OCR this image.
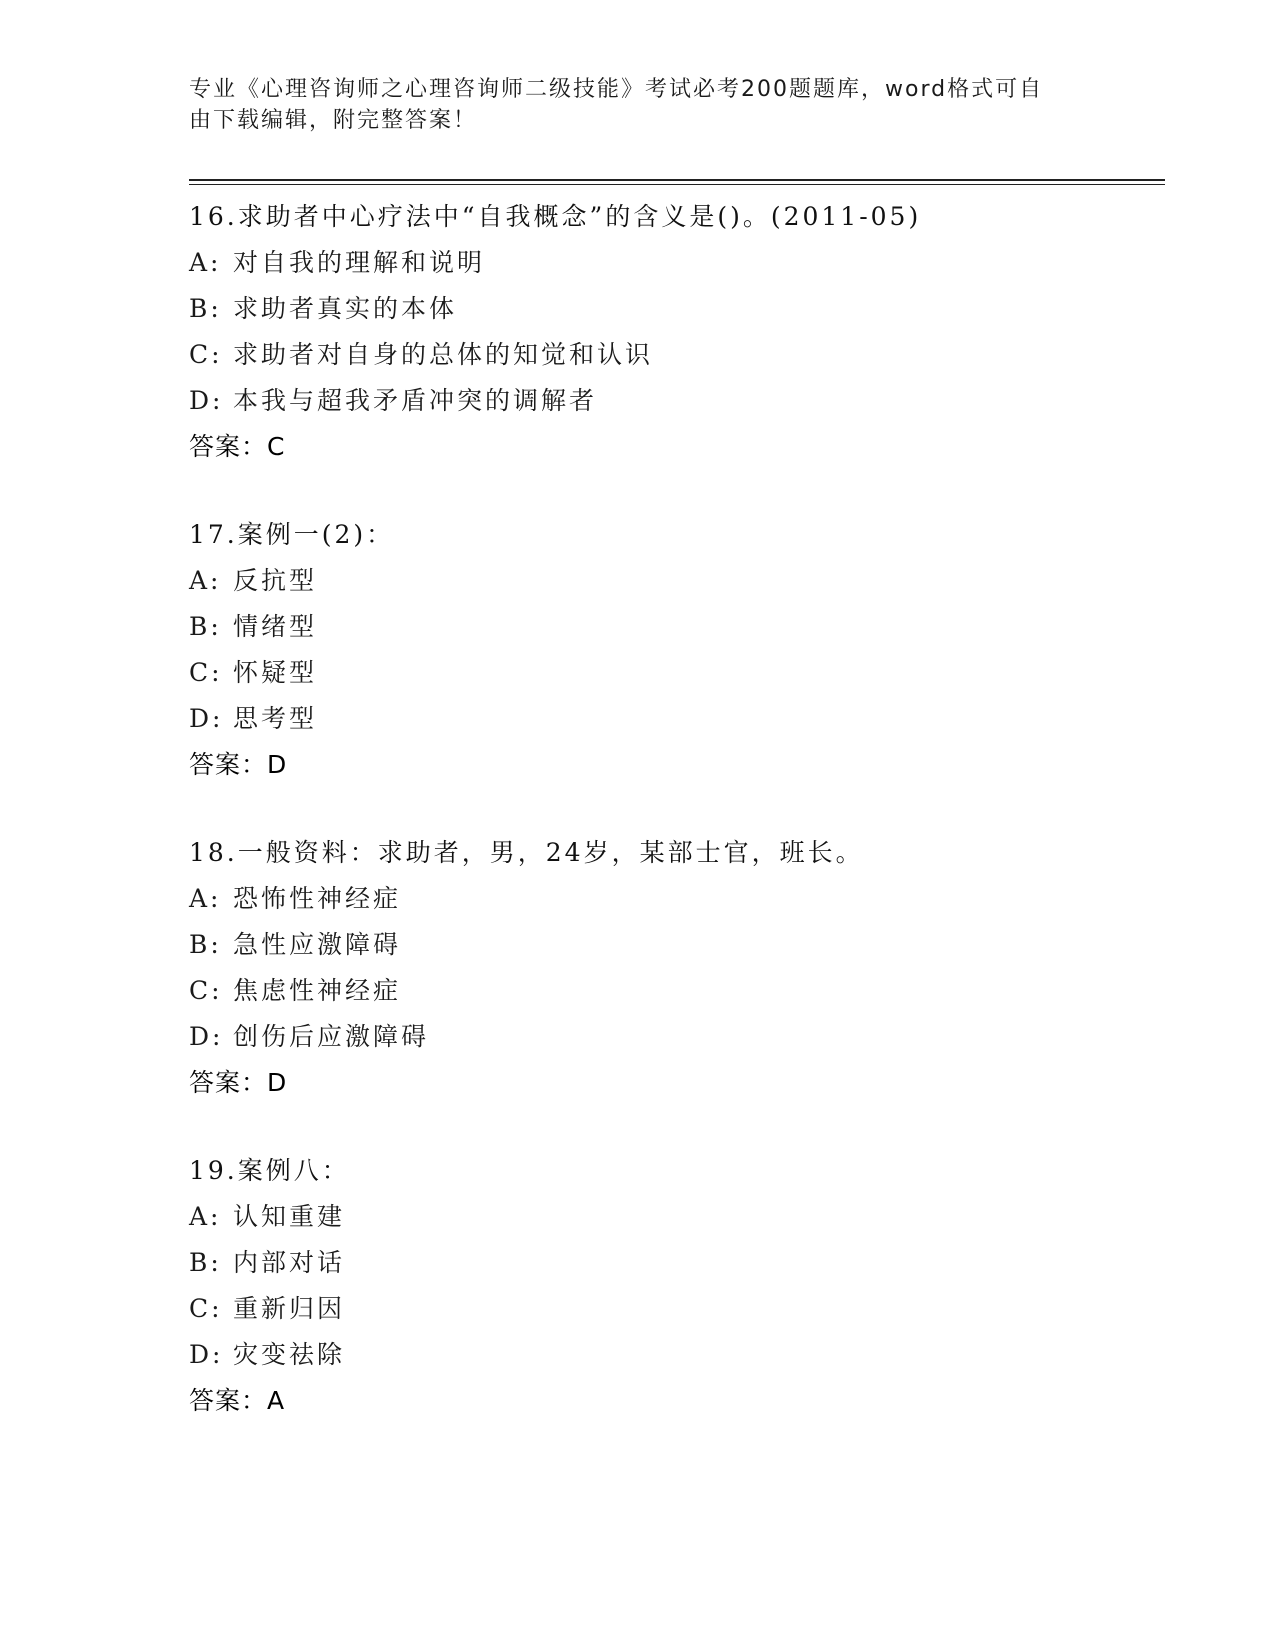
专业《心理咨询师之心理咨询师二级技能》考试必考200题题库，word格式可自
由下载编辑，附完整答案！
16.求助者中心疗法中“自我概念”的含义是()。(2011-05)
A: 对自我的理解和说明
B: 求助者真实的本体
C: 求助者对自身的总体的知觉和认识
D: 本我与超我矛盾冲突的调解者
答案：C
17.案例一(2)：
A: 反抗型
B: 情绪型
C: 怀疑型
D: 思考型
答案：D
18.一般资料：求助者，男，24岁，某部士官，班长。
A: 恐怖性神经症
B: 急性应激障碍
C: 焦虑性神经症
D: 创伤后应激障碍
答案：D
19.案例八：
A: 认知重建
B: 内部对话
C: 重新归因
D: 灾变祛除
答案：A
